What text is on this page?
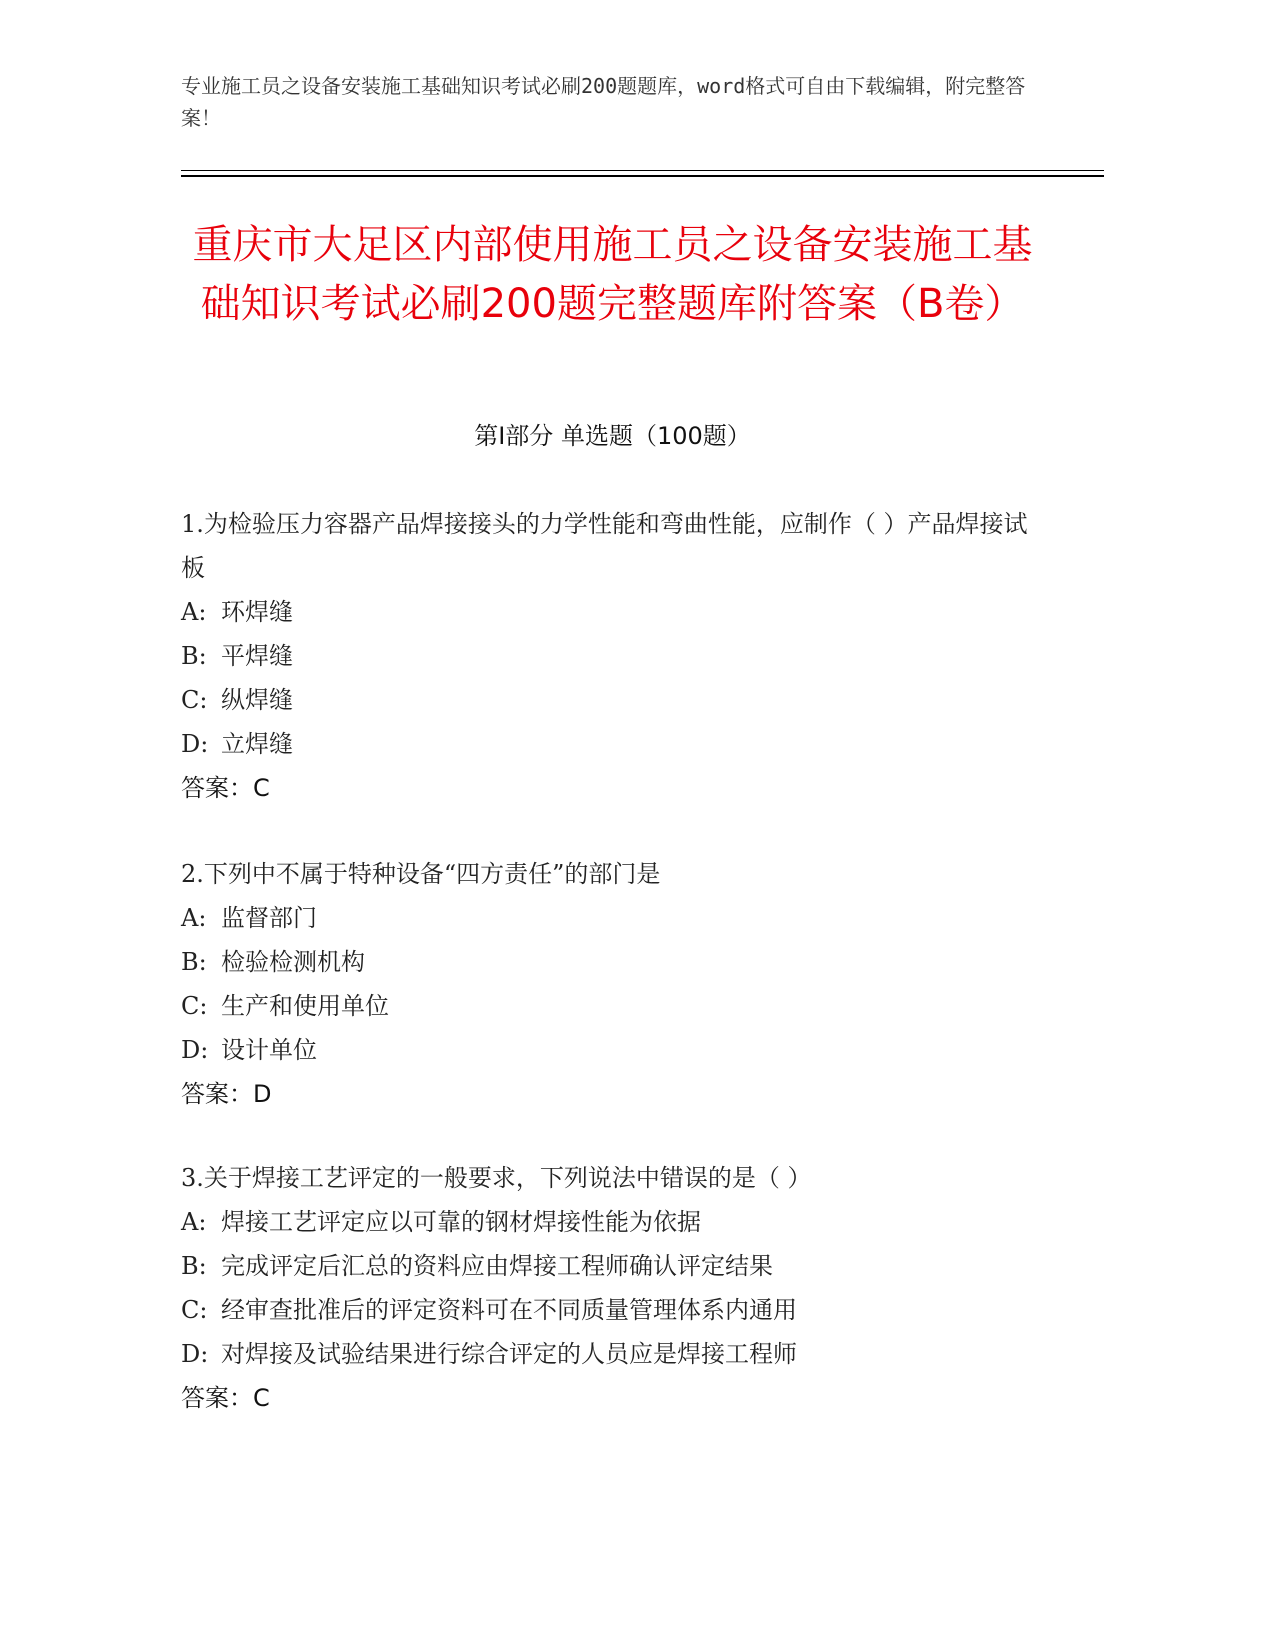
专业施工员之设备安装施工基础知识考试必刷200题题库，word格式可自由下载编辑，附完整答案！
重庆市大足区内部使用施工员之设备安装施工基础知识考试必刷200题完整题库附答案（B卷）
第I部分 单选题（100题）
1.为检验压力容器产品焊接接头的力学性能和弯曲性能，应制作（ ）产品焊接试板
A: 环焊缝
B: 平焊缝
C: 纵焊缝
D: 立焊缝
答案：C
2.下列中不属于特种设备“四方责任”的部门是
A: 监督部门
B: 检验检测机构
C: 生产和使用单位
D: 设计单位
答案：D
3.关于焊接工艺评定的一般要求，下列说法中错误的是（ ）
A: 焊接工艺评定应以可靠的钢材焊接性能为依据
B: 完成评定后汇总的资料应由焊接工程师确认评定结果
C: 经审查批准后的评定资料可在不同质量管理体系内通用
D: 对焊接及试验结果进行综合评定的人员应是焊接工程师
答案：C
